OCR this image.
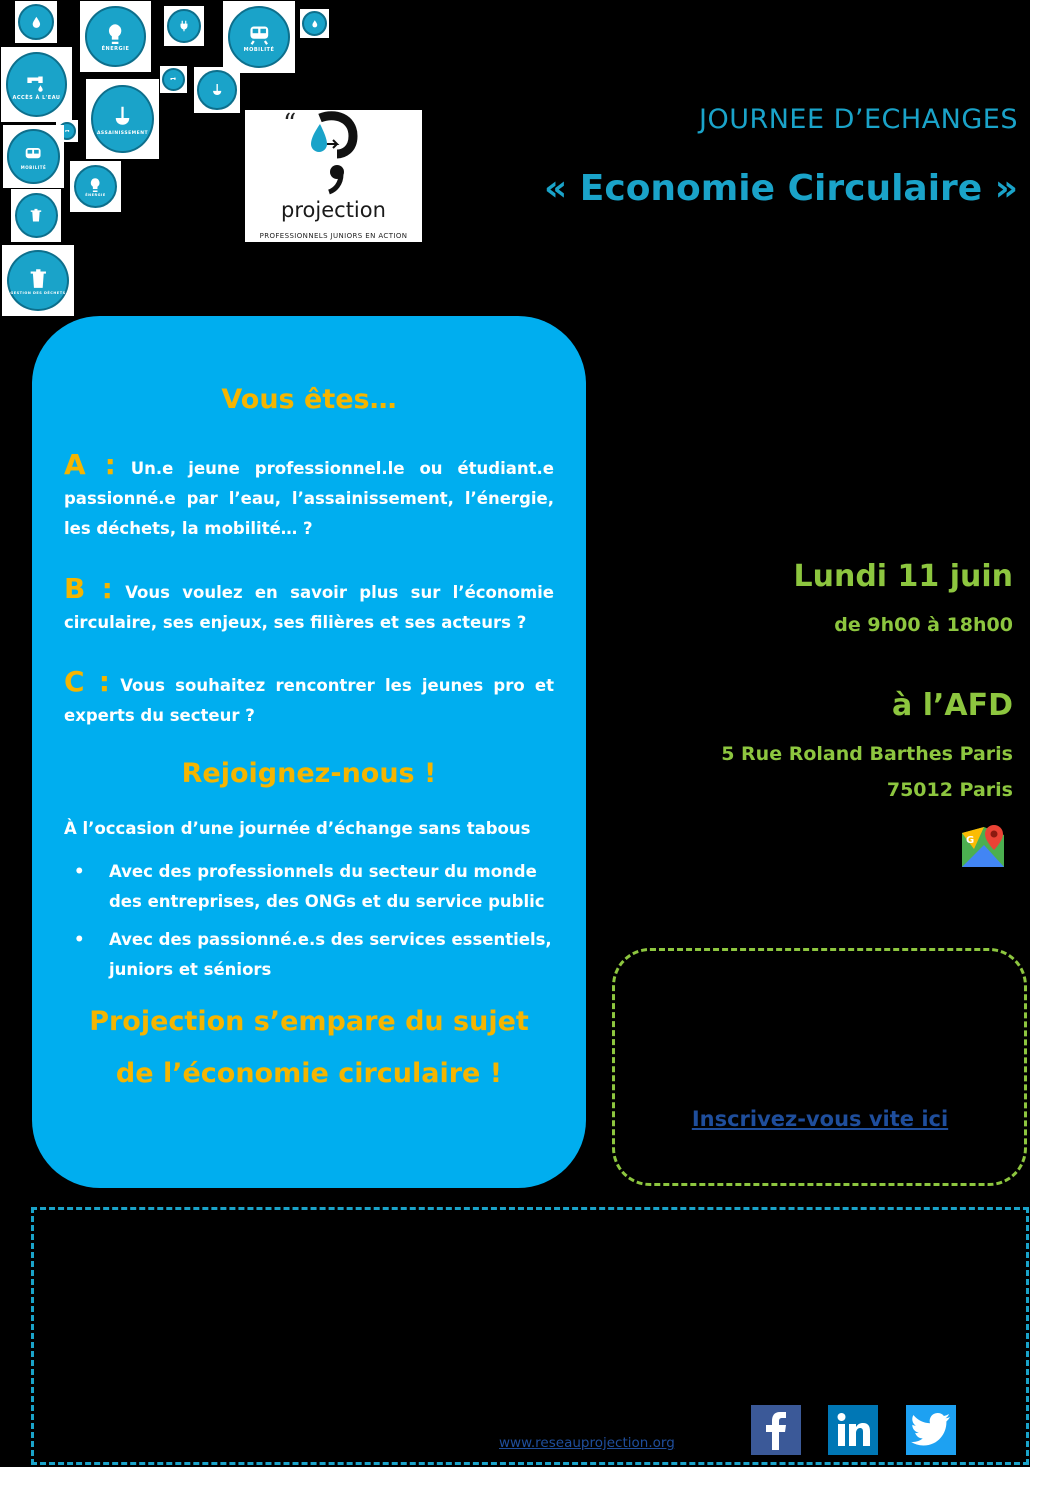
ÉNERGIE	MOBILITÉ
ACCÈS À L'EAU
ASSAINISSEMENT
MOBILITÉ
ÉNERGIE
GESTION DES DÉCHETS
“
projection
PROFESSIONNELS JUNIORS EN ACTION
JOURNEE D’ECHANGES
« Economie Circulaire »
Vous êtes…
A : Un.e jeune professionnel.le ou étudiant.e passionné.e par l’eau, l’assainissement, l’énergie, les déchets, la mobilité… ?
B : Vous voulez en savoir plus sur l’économie circulaire, ses enjeux, ses filières et ses acteurs ?
C : Vous souhaitez rencontrer les jeunes pro et experts du secteur ?
Rejoignez-nous !
À l’occasion d’une journée d’échange sans tabous
•	Avec des professionnels du secteur du monde des entreprises, des ONGs et du service public
•	Avec des passionné.e.s des services essentiels, juniors et séniors
Projection s’empare du sujet de l’économie circulaire !
Lundi 11 juin
de 9h00 à 18h00
à l’AFD
5 Rue Roland Barthes Paris
75012 Paris
G
Inscrivez-vous vite ici
www.reseauprojection.org
